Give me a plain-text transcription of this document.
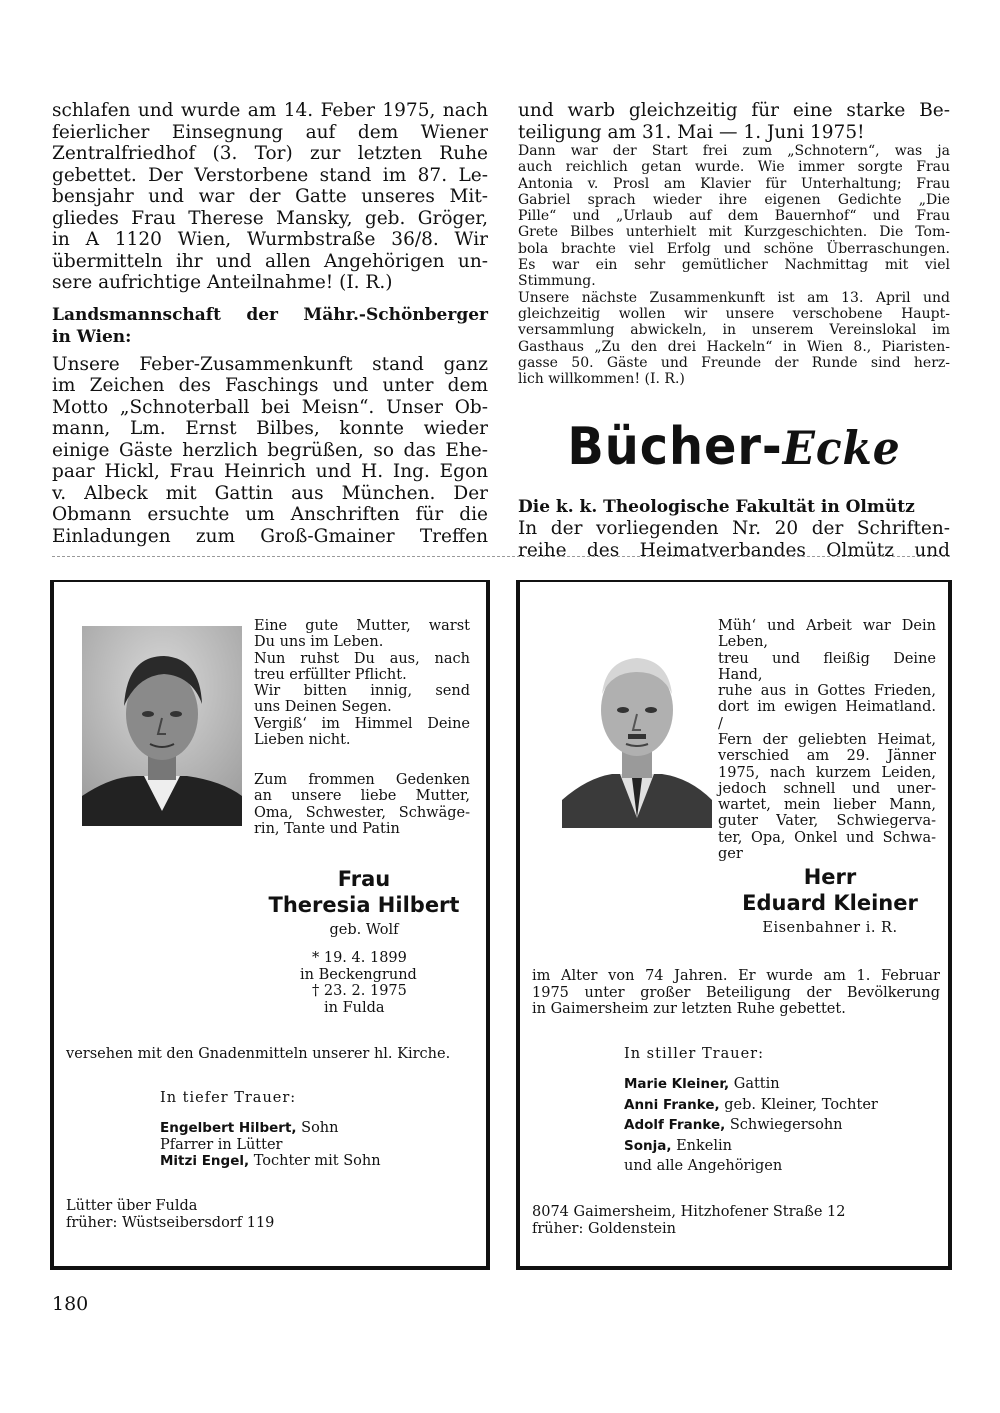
schlafen und wurde am 14. Feber 1975, nach

feierlicher Einsegnung auf dem Wiener

Zentralfriedhof (3. Tor) zur letzten Ruhe

gebettet. Der Verstorbene stand im 87. Le-

bensjahr und war der Gatte unseres Mit-

gliedes Frau Therese Mansky, geb. Gröger,

in A 1120 Wien, Wurmbstraße 36/8. Wir

übermitteln ihr und allen Angehörigen un-

sere aufrichtige Anteilnahme! (I. R.)

Landsmannschaft der Mähr.-Schönberger
in Wien:

Unsere Feber-Zusammenkunft stand ganz

im Zeichen des Faschings und unter dem

Motto „Schnoterball bei Meisn“. Unser Ob-

mann, Lm. Ernst Bilbes, konnte wieder

einige Gäste herzlich begrüßen, so das Ehe-

paar Hickl, Frau Heinrich und H. Ing. Egon

v. Albeck mit Gattin aus München. Der

Obmann ersuchte um Anschriften für die

Einladungen zum Groß-Gmainer Treffen

und warb gleichzeitig für eine starke Be-

teiligung am 31. Mai — 1. Juni 1975!

Dann war der Start frei zum „Schnotern“, was ja

auch reichlich getan wurde. Wie immer sorgte Frau

Antonia v. Prosl am Klavier für Unterhaltung; Frau

Gabriel sprach wieder ihre eigenen Gedichte „Die

Pille“ und „Urlaub auf dem Bauernhof“ und Frau

Grete Bilbes unterhielt mit Kurzgeschichten. Die Tom-

bola brachte viel Erfolg und schöne Überraschungen.

Es war ein sehr gemütlicher Nachmittag mit viel

Stimmung.

Unsere nächste Zusammenkunft ist am 13. April und

gleichzeitig wollen wir unsere verschobene Haupt-

versammlung abwickeln, in unserem Vereinslokal im

Gasthaus „Zu den drei Hackeln“ in Wien 8., Piaristen-

gasse 50. Gäste und Freunde der Runde sind herz-

lich willkommen! (I. R.)

Bücher-Ecke

Die k. k. Theologische Fakultät in Olmütz

In der vorliegenden Nr. 20 der Schriften-

reihe des Heimatverbandes Olmütz und

Eine gute Mutter, warst

Du uns im Leben.

Nun ruhst Du aus, nach

treu erfüllter Pflicht.

Wir bitten innig, send

uns Deinen Segen.

Vergiß‘ im Himmel Deine

Lieben nicht.

Zum frommen Gedenken

an unsere liebe Mutter,

Oma, Schwester, Schwäge-

rin, Tante und Patin

Frau
Theresia Hilbert
geb. Wolf
* 19. 4. 1899
in Beckengrund
† 23. 2. 1975
in Fulda
versehen mit den Gnadenmitteln unserer hl. Kirche.
In tiefer Trauer:
Engelbert Hilbert, Sohn
Pfarrer in Lütter
Mitzi Engel, Tochter mit Sohn
Lütter über Fulda
früher: Wüstseibersdorf 119

Müh‘ und Arbeit war Dein

Leben,

treu und fleißig Deine

Hand,

ruhe aus in Gottes Frieden,

dort im ewigen Heimatland.

/

Fern der geliebten Heimat,

verschied am 29. Jänner

1975, nach kurzem Leiden,

jedoch schnell und uner-

wartet, mein lieber Mann,

guter Vater, Schwiegerva-

ter, Opa, Onkel und Schwa-

ger

Herr
Eduard Kleiner
Eisenbahner i. R.
im Alter von 74 Jahren. Er wurde am 1. Februar
1975 unter großer Beteiligung der Bevölkerung
in Gaimersheim zur letzten Ruhe gebettet.
In stiller Trauer:
Marie Kleiner, Gattin
Anni Franke, geb. Kleiner, Tochter
Adolf Franke, Schwiegersohn
Sonja, Enkelin
und alle Angehörigen
8074 Gaimersheim, Hitzhofener Straße 12
früher: Goldenstein
180
